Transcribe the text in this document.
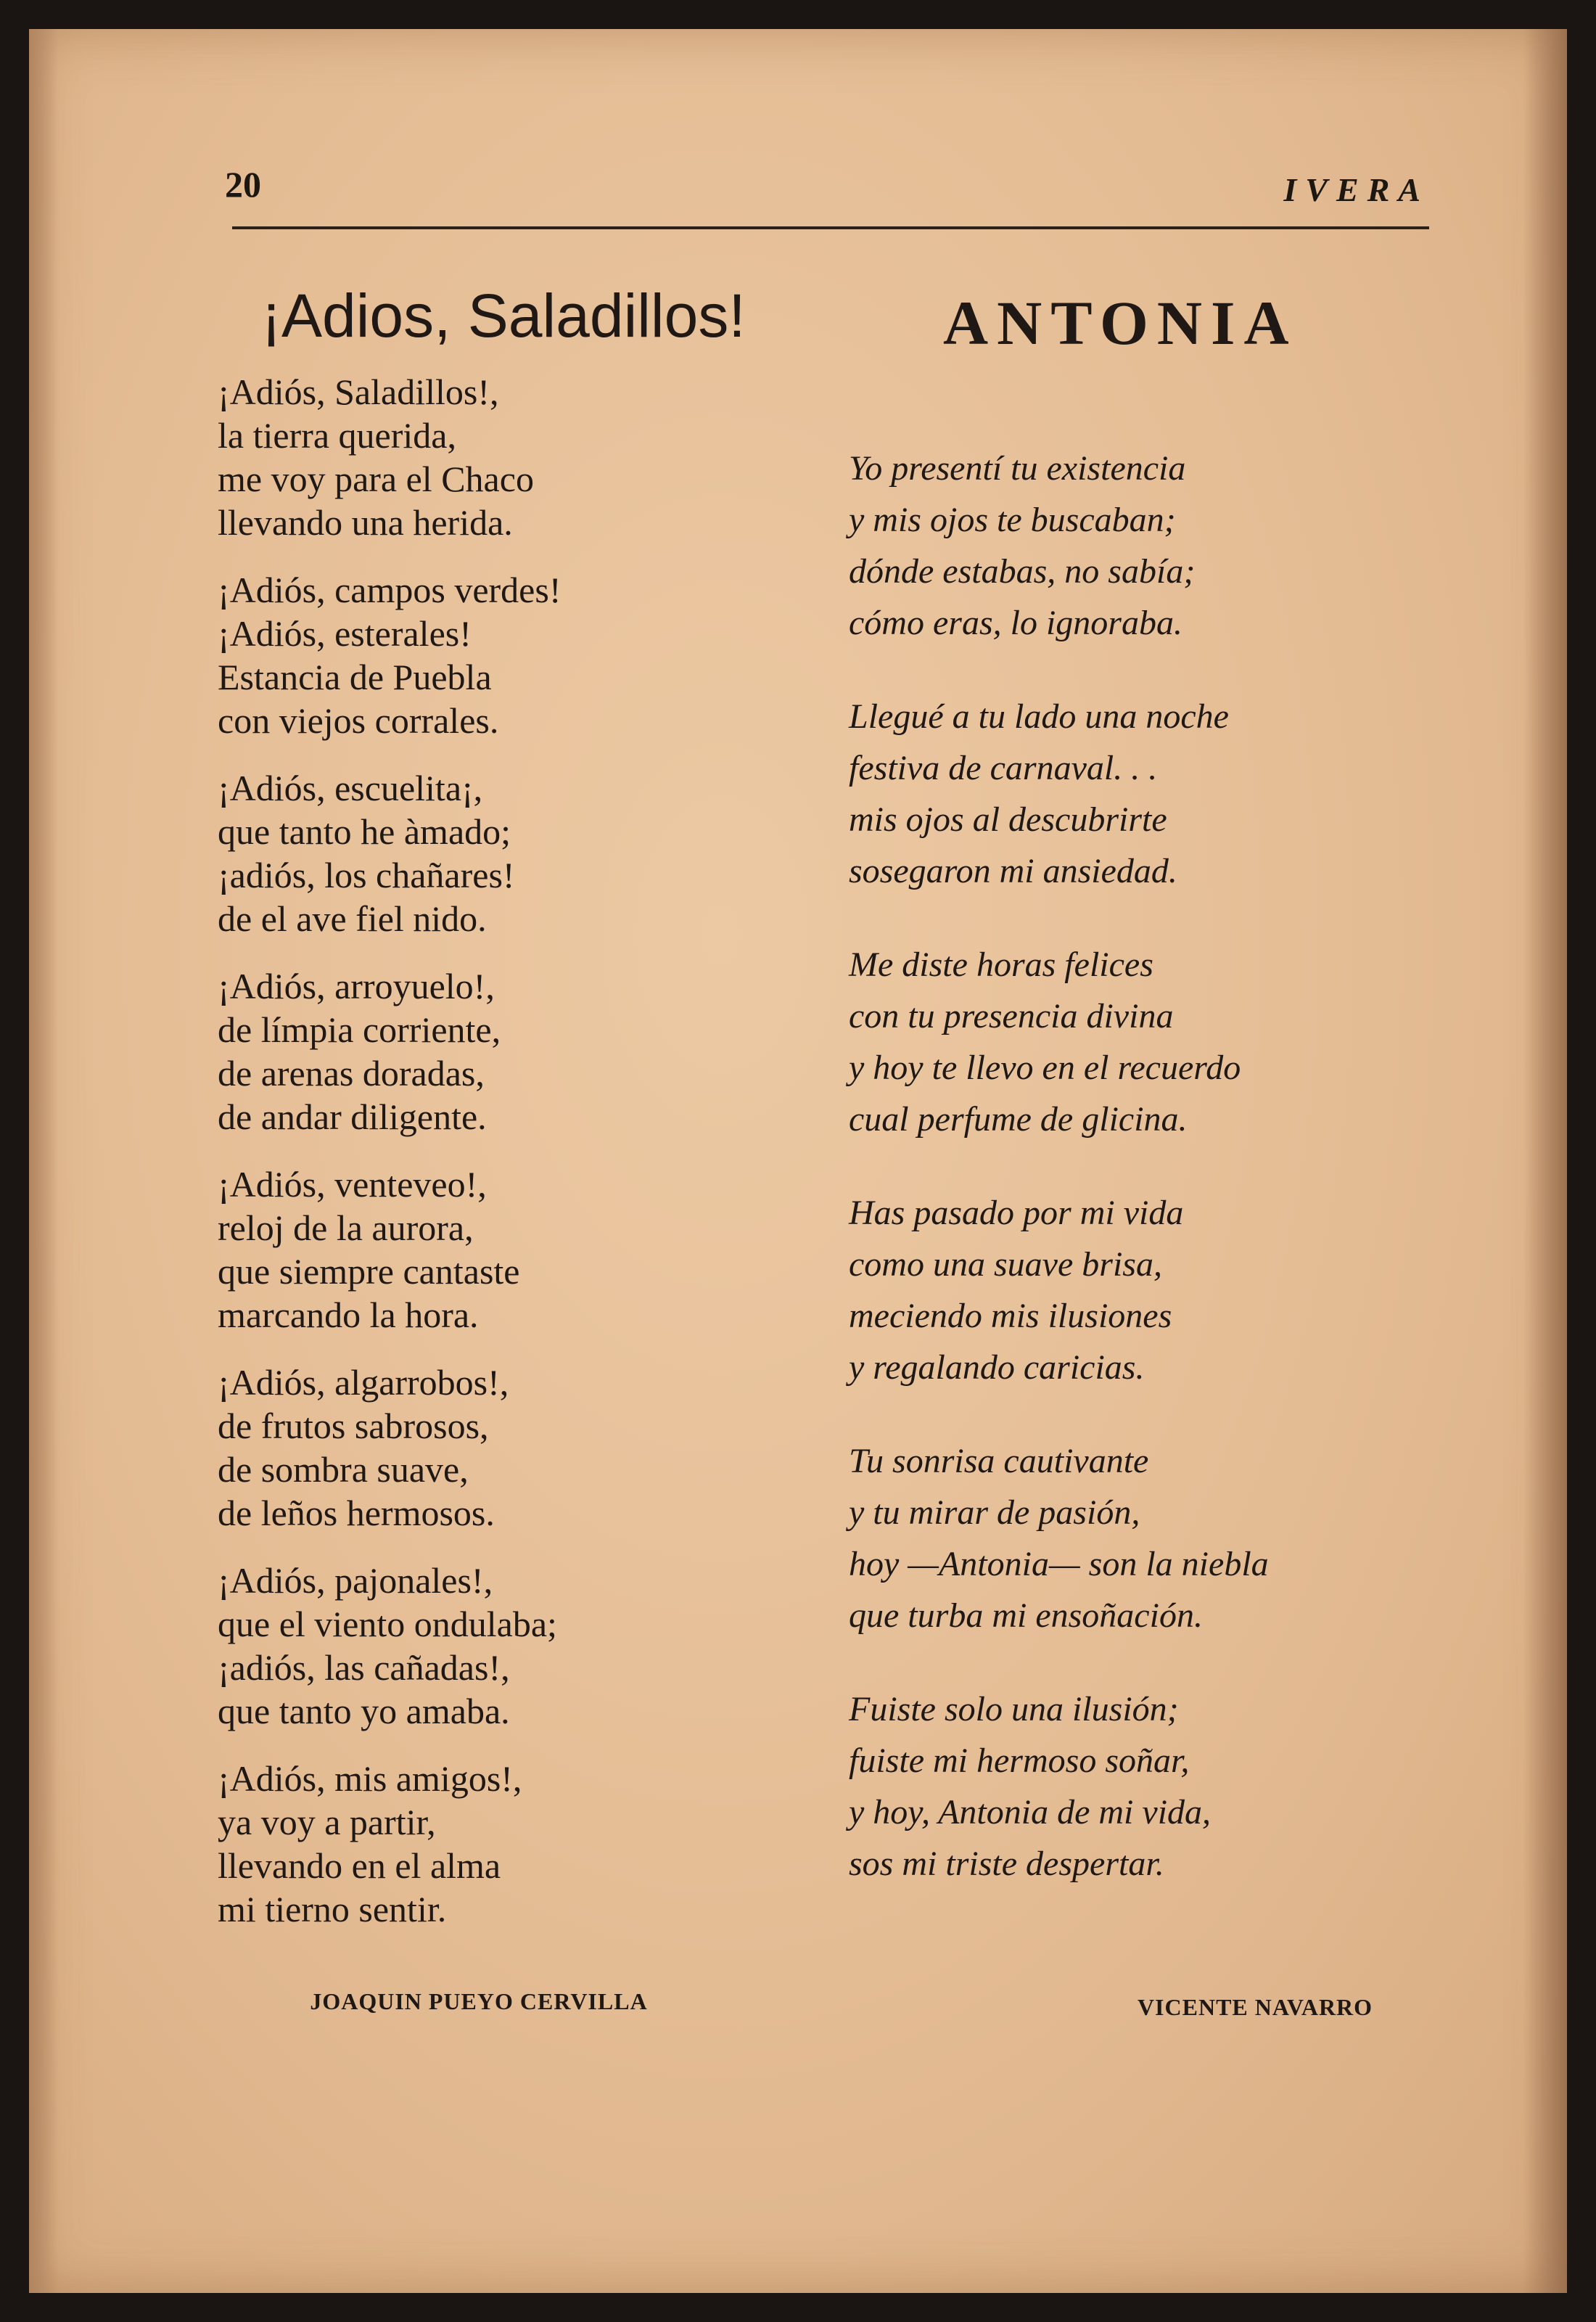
20	IVERA
¡Adios, Saladillos!
¡Adiós, Saladillos!,
la tierra querida,
me voy para el Chaco
llevando una herida.
¡Adiós, campos verdes!
¡Adiós, esterales!
Estancia de Puebla
con viejos corrales.
¡Adiós, escuelita¡,
que tanto he àmado;
¡adiós, los chañares!
de el ave fiel nido.
¡Adiós, arroyuelo!,
de límpia corriente,
de arenas doradas,
de andar diligente.
¡Adiós, venteveo!,
reloj de la aurora,
que siempre cantaste
marcando la hora.
¡Adiós, algarrobos!,
de frutos sabrosos,
de sombra suave,
de leños hermosos.
¡Adiós, pajonales!,
que el viento ondulaba;
¡adiós, las cañadas!,
que tanto yo amaba.
¡Adiós, mis amigos!,
ya voy a partir,
llevando en el alma
mi tierno sentir.
JOAQUIN PUEYO CERVILLA
ANTONIA
Yo presentí tu existencia
y mis ojos te buscaban;
dónde estabas, no sabía;
cómo eras, lo ignoraba.
Llegué a tu lado una noche
festiva de carnaval. . .
mis ojos al descubrirte
sosegaron mi ansiedad.
Me diste horas felices
con tu presencia divina
y hoy te llevo en el recuerdo
cual perfume de glicina.
Has pasado por mi vida
como una suave brisa,
meciendo mis ilusiones
y regalando caricias.
Tu sonrisa cautivante
y tu mirar de pasión,
hoy —Antonia— son la niebla
que turba mi ensoñación.
Fuiste solo una ilusión;
fuiste mi hermoso soñar,
y hoy, Antonia de mi vida,
sos mi triste despertar.
VICENTE NAVARRO
